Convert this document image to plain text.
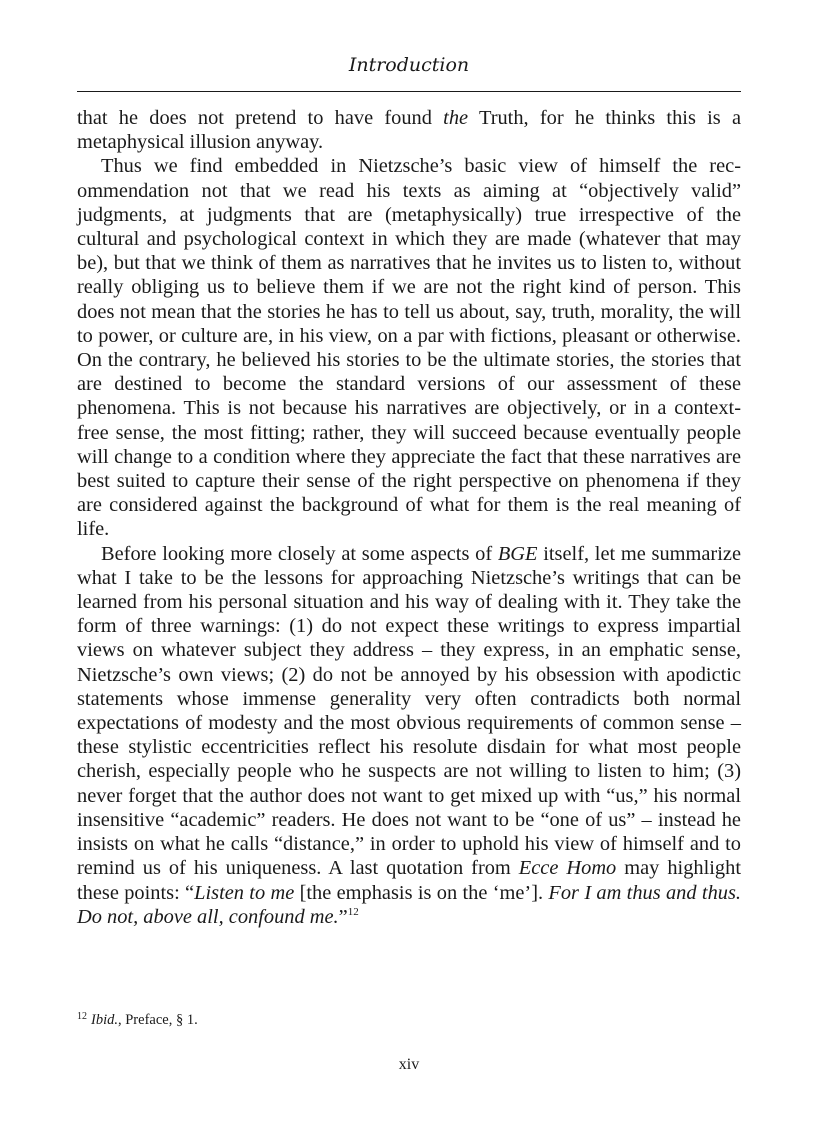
Introduction

that he does not pretend to have found the Truth, for he thinks this is a metaphysical illusion anyway.

Thus we find embedded in Nietzsche’s basic view of himself the recommendation not that we read his texts as aiming at “objectively valid” judgments, at judgments that are (metaphysically) true irrespective of the cultural and psychological context in which they are made (whatever that may be), but that we think of them as narratives that he invites us to listen to, without really obliging us to believe them if we are not the right kind of person. This does not mean that the stories he has to tell us about, say, truth, morality, the will to power, or culture are, in his view, on a par with fictions, pleasant or otherwise. On the contrary, he believed his stories to be the ultimate stories, the stories that are destined to become the standard versions of our assessment of these phenomena. This is not because his narratives are objectively, or in a context-free sense, the most fitting; rather, they will succeed because eventually people will change to a condition where they appreciate the fact that these narratives are best suited to capture their sense of the right perspective on phenomena if they are considered against the background of what for them is the real meaning of life.

Before looking more closely at some aspects of BGE itself, let me summarize what I take to be the lessons for approaching Nietzsche’s writings that can be learned from his personal situation and his way of dealing with it. They take the form of three warnings: (1) do not expect these writings to express impartial views on whatever subject they address – they express, in an emphatic sense, Nietzsche’s own views; (2) do not be annoyed by his obsession with apodictic statements whose immense generality very often contradicts both normal expectations of modesty and the most obvious requirements of common sense – these stylistic eccentricities reflect his resolute disdain for what most people cherish, especially people who he suspects are not willing to listen to him; (3) never forget that the author does not want to get mixed up with “us,” his normal insensitive “academic” readers. He does not want to be “one of us” – instead he insists on what he calls “distance,” in order to uphold his view of himself and to remind us of his uniqueness. A last quotation from Ecce Homo may highlight these points: “Listen to me [the emphasis is on the ‘me’]. For I am thus and thus. Do not, above all, confound me.”$^{12}$

$^{12}$ Ibid., Preface, § 1.
xiv
